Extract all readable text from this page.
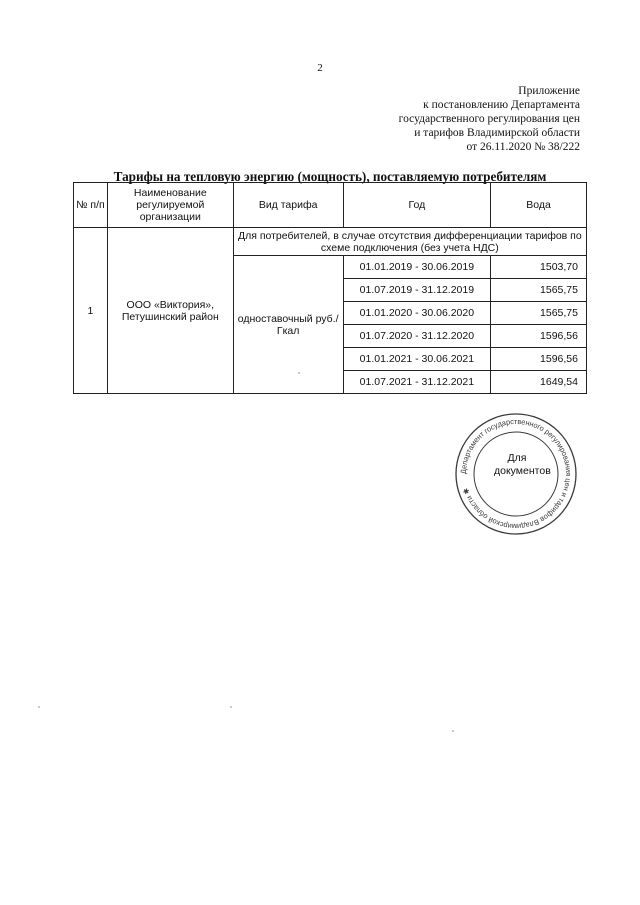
2
Приложение
к постановлению Департамента
государственного регулирования цен
и тарифов Владимирской области
от 26.11.2020 № 38/222
Тарифы на тепловую энергию (мощность), поставляемую потребителям
№ п/п	Наименование регулируемой организации	Вид тарифа	Год	Вода
1	ООО «Виктория», Петушинский район	Для потребителей, в случае отсутствия дифференциации тарифов по схеме подключения (без учета НДС)		
		одноставочный руб./Гкал	01.01.2019 - 30.06.2019	1503,70
			01.07.2019 - 31.12.2019	1565,75
			01.01.2020 - 30.06.2020	1565,75
			01.07.2020 - 31.12.2020	1596,56
			01.01.2021 - 30.06.2021	1596,56
			01.07.2021 - 31.12.2021	1649,54
Департамент государственного регулирования цен и тарифов Владимирской области ✱
Для документов
